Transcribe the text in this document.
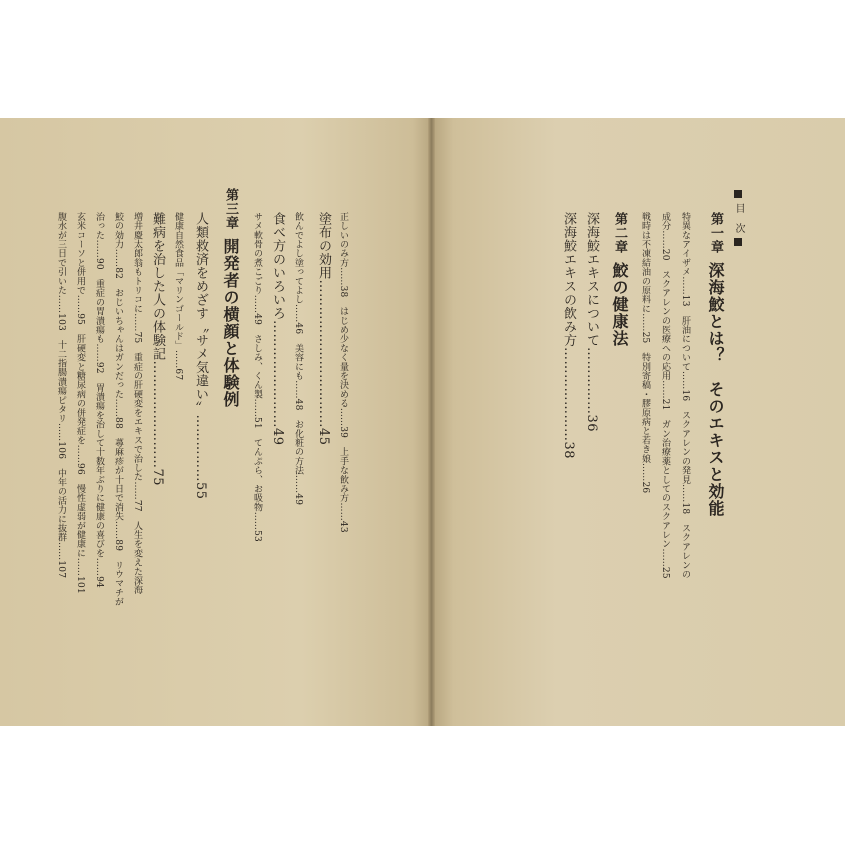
目　次
第一章深海鮫とは？　そのエキスと効能
特異なアイザメ……13　肝油について……16　スクアレンの発見……18　スクアレンの
成分……20　スクアレンの医療への応用……21　ガン治療薬としてのスクアレン……25
戦時は不凍結油の原料に……25　特別寄稿・膠原病と若き娘……26
第二章鮫の健康法
深海鮫エキスについて……………36
深海鮫エキスの飲み方…………………38
正しいのみ方……38　はじめ少なく量を決める……39　上手な飲み方……43
塗布の効用……………………………45
飲んでよし塗ってよし……46　美容にも……48　お化粧の方法……49
食べ方のいろいろ……………………49
サメ軟骨の煮こごり……49　さしみ、くん製……51　てんぷら、お吸物……53
第三章開発者の横顔と体験例
人類救済をめざす〝サメ気違い〟……………55
健康自然食品「マリンゴールド」……67
難病を治した人の体験記……………………75
増井慶太郎翁もトリコに……75　重症の肝硬変をエキスで治した……77　人生を変えた深海
鮫の効力……82　おじいちゃんはガンだった……88　蕁麻疹が十日で消失……89　リウマチが
治った……90　重症の胃潰瘍も……92　胃潰瘍を治して十数年ぶりに健康の喜びを……94
玄米コーソと併用で……95　肝硬変と糖尿病の併発症を……96　慢性虚弱が健康に……101
腹水が三日で引いた……103　十二指腸潰瘍ピタリ……106　中年の活力に抜群……107
